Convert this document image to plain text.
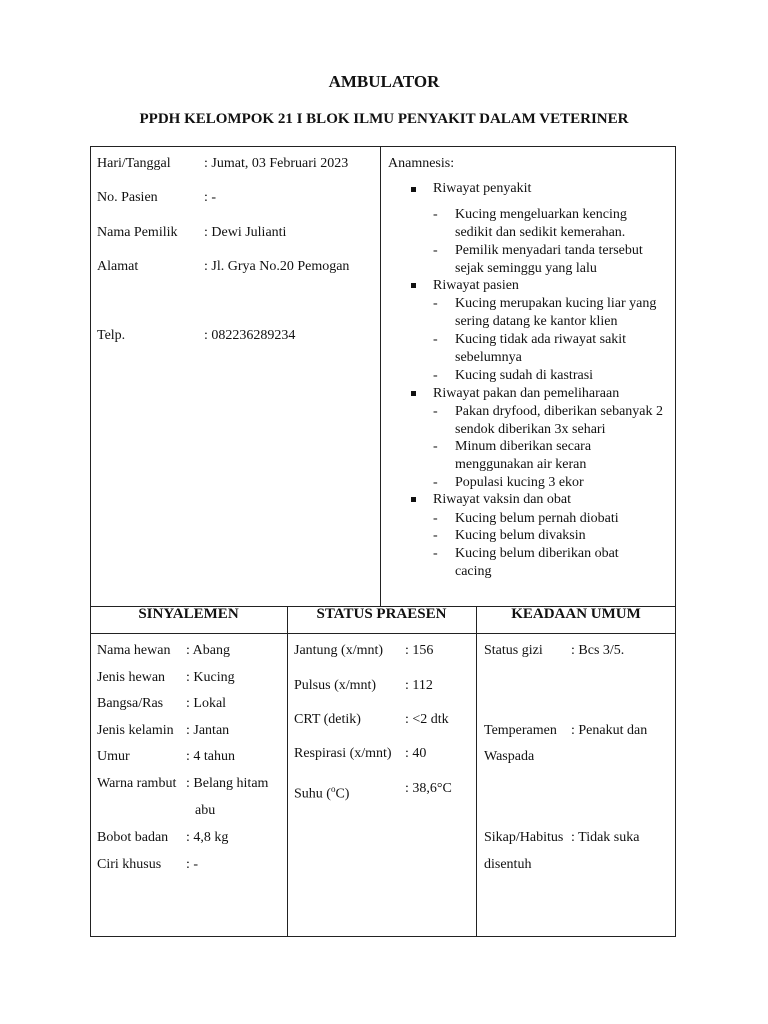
AMBULATOR
PPDH KELOMPOK 21 I BLOK ILMU PENYAKIT DALAM VETERINER
Hari/Tanggal : Jumat, 03 Februari 2023
No. Pasien	: -
Nama Pemilik : Dewi Julianti
Alamat	: Jl. Grya No.20 Pemogan
Telp.	: 082236289234
Anamnesis:
Riwayat penyakit
- Kucing mengeluarkan kencing sedikit dan sedikit kemerahan.
- Pemilik menyadari tanda tersebut sejak seminggu yang lalu
Riwayat pasien
- Kucing merupakan kucing liar yang sering datang ke kantor klien
- Kucing tidak ada riwayat sakit sebelumnya
- Kucing sudah di kastrasi
Riwayat pakan dan pemeliharaan
- Pakan dryfood, diberikan sebanyak 2 sendok diberikan 3x sehari
- Minum diberikan secara menggunakan air keran
- Populasi kucing 3 ekor
Riwayat vaksin dan obat
- Kucing belum pernah diobati
- Kucing belum divaksin
- Kucing belum diberikan obat cacing
SINYALEMEN	STATUS PRAESEN	KEADAAN UMUM
Nama hewan : Abang
Jenis hewan : Kucing
Bangsa/Ras : Lokal
Jenis kelamin : Jantan
Umur	: 4 tahun
Warna rambut : Belang hitam
abu
Bobot badan : 4,8 kg
Ciri khusus : -
Jantung (x/mnt) : 156
Pulsus (x/mnt) : 112
CRT (detik)	: <2 dtk
Respirasi (x/mnt) : 40
Suhu ($^o$C)	: 38,6°C
Status gizi : Bcs 3/5.
Temperamen : Penakut dan
Waspada
Sikap/Habitus : Tidak suka
disentuh
